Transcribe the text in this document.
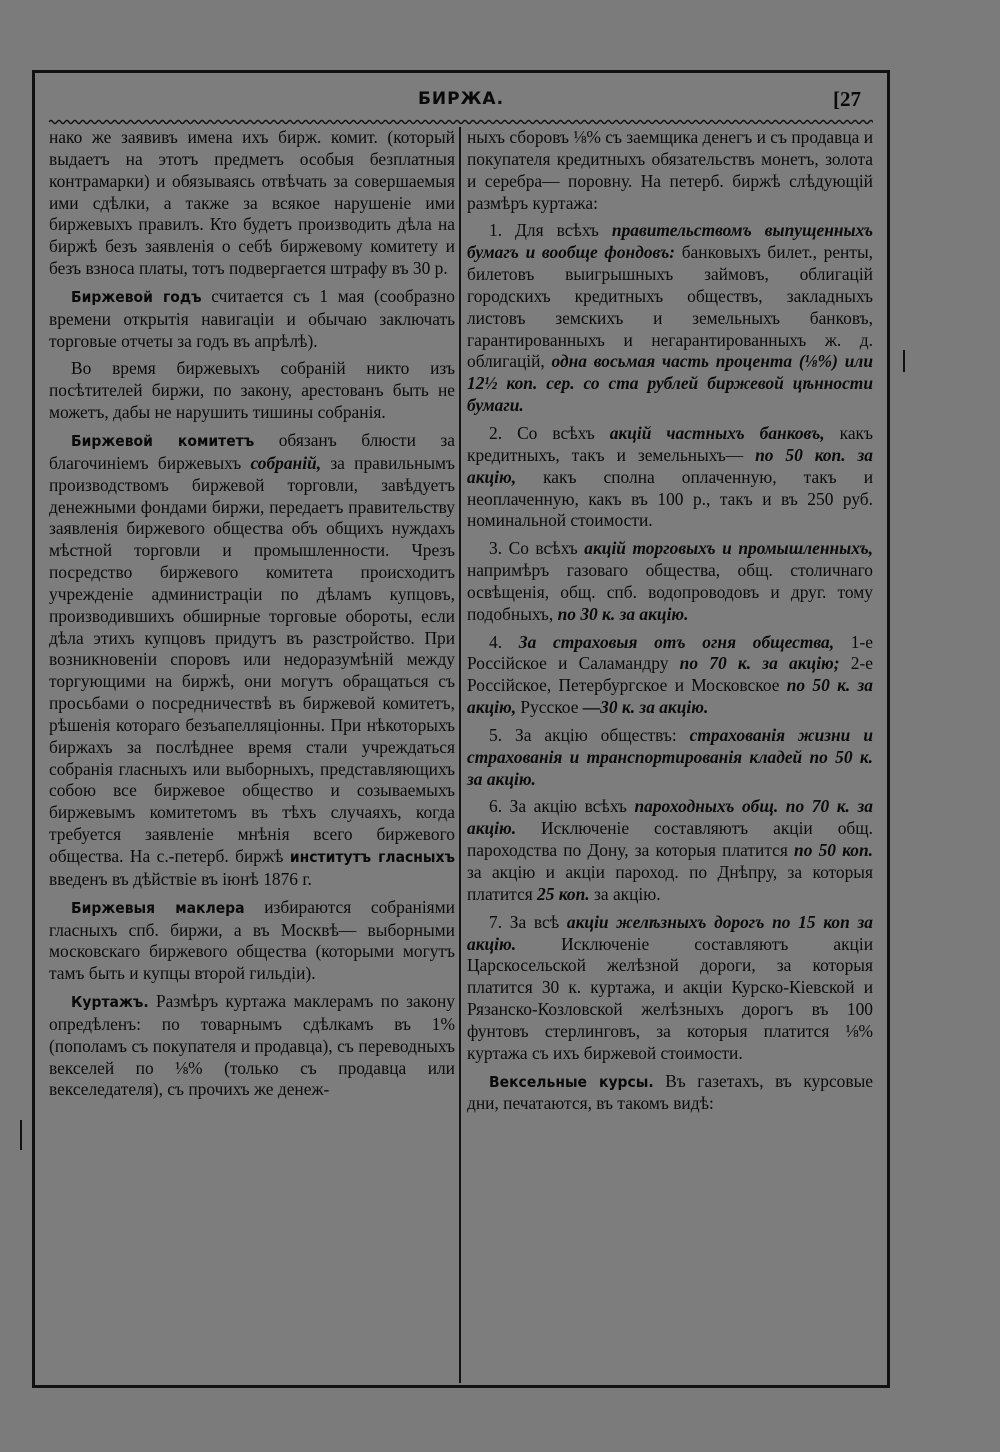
БИРЖА.	[27

нако же заявивъ имена ихъ бирж. комит. (который выдаетъ на этотъ предметъ особыя безплатныя контрамарки) и обязываясь отвѣчать за совершаемыя ими сдѣлки, а также за всякое нарушеніе ими биржевыхъ правилъ. Кто будетъ производить дѣла на биржѣ безъ заявленія о себѣ биржевому комитету и безъ взноса платы, тотъ подвергается штрафу въ 30 р.

Биржевой годъ считается съ 1 мая (сообразно времени открытія навигаціи и обычаю заключать торговые отчеты за годъ въ апрѣлѣ).

Во время биржевыхъ собраній никто изъ посѣтителей биржи, по закону, арестованъ быть не можетъ, дабы не нарушить тишины собранія.

Биржевой комитетъ обязанъ блюсти за благочиніемъ биржевыхъ собраній, за правильнымъ производствомъ биржевой торговли, завѣдуетъ денежными фондами биржи, передаетъ правительству заявленія биржевого общества объ общихъ нуждахъ мѣстной торговли и промышленности. Чрезъ посредство биржевого комитета происходитъ учрежденіе администраціи по дѣламъ купцовъ, производившихъ обширные торговые обороты, если дѣла этихъ купцовъ придутъ въ разстройство. При возникновеніи споровъ или недоразумѣній между торгующими на биржѣ, они могутъ обращаться съ просьбами о посредничествѣ въ биржевой комитетъ, рѣшенія котораго безъапелляціонны. При нѣкоторыхъ биржахъ за послѣднее время стали учреждаться собранія гласныхъ или выборныхъ, представляющихъ собою все биржевое общество и созываемыхъ биржевымъ комитетомъ въ тѣхъ случаяхъ, когда требуется заявленіе мнѣнія всего биржевого общества. На с.-петерб. биржѣ институтъ гласныхъ введенъ въ дѣйствіе въ іюнѣ 1876 г.

Биржевыя маклера избираются собраніями гласныхъ спб. биржи, а въ Москвѣ— выборными московскаго биржевого общества (которыми могутъ тамъ быть и купцы второй гильдіи).

Куртажъ. Размѣръ куртажа маклерамъ по закону опредѣленъ: по товарнымъ сдѣлкамъ въ 1% (пополамъ съ покупателя и продавца), съ переводныхъ векселей по ⅛% (только съ продавца или векселедателя), съ прочихъ же денеж-

ныхъ сборовъ ⅛% съ заемщика денегъ и съ продавца и покупателя кредитныхъ обязательствъ монетъ, золота и серебра— поровну. На петерб. биржѣ слѣдующій размѣръ куртажа:

1. Для всѣхъ правительствомъ выпущенныхъ бумагъ и вообще фондовъ: банковыхъ билет., ренты, билетовъ выигрышныхъ займовъ, облигацій городскихъ кредитныхъ обществъ, закладныхъ листовъ земскихъ и земельныхъ банковъ, гарантированныхъ и негарантированныхъ ж. д. облигацій, одна восьмая часть процента (⅛%) или 12½ коп. сер. со ста рублей биржевой цѣнности бумаги.

2. Со всѣхъ акцій частныхъ банковъ, какъ кредитныхъ, такъ и земельныхъ— по 50 коп. за акцію, какъ сполна оплаченную, такъ и неоплаченную, какъ въ 100 р., такъ и въ 250 руб. номинальной стоимости.

3. Со всѣхъ акцій торговыхъ и промышленныхъ, напримѣръ газоваго общества, общ. столичнаго освѣщенія, общ. спб. водопроводовъ и друг. тому подобныхъ, по 30 к. за акцію.

4. За страховыя отъ огня общества, 1-е Россійское и Саламандру по 70 к. за акцію; 2-е Россійское, Петербургское и Московское по 50 к. за акцію, Русское —30 к. за акцію.

5. За акцію обществъ: страхованія жизни и страхованія и транспортированія кладей по 50 к. за акцію.

6. За акцію всѣхъ пароходныхъ общ. по 70 к. за акцію. Исключеніе составляютъ акціи общ. пароходства по Дону, за которыя платится по 50 коп. за акцію и акціи пароход. по Днѣпру, за которыя платится 25 коп. за акцію.

7. За всѣ акціи желѣзныхъ дорогъ по 15 коп за акцію. Исключеніе составляютъ акціи Царскосельской желѣзной дороги, за которыя платится 30 к. куртажа, и акціи Курско-Кіевской и Рязанско-Козловской желѣзныхъ дорогъ въ 100 фунтовъ стерлинговъ, за которыя платится ⅛% куртажа съ ихъ биржевой стоимости.

Вексельные курсы. Въ газетахъ, въ курсовые дни, печатаются, въ такомъ видѣ:
